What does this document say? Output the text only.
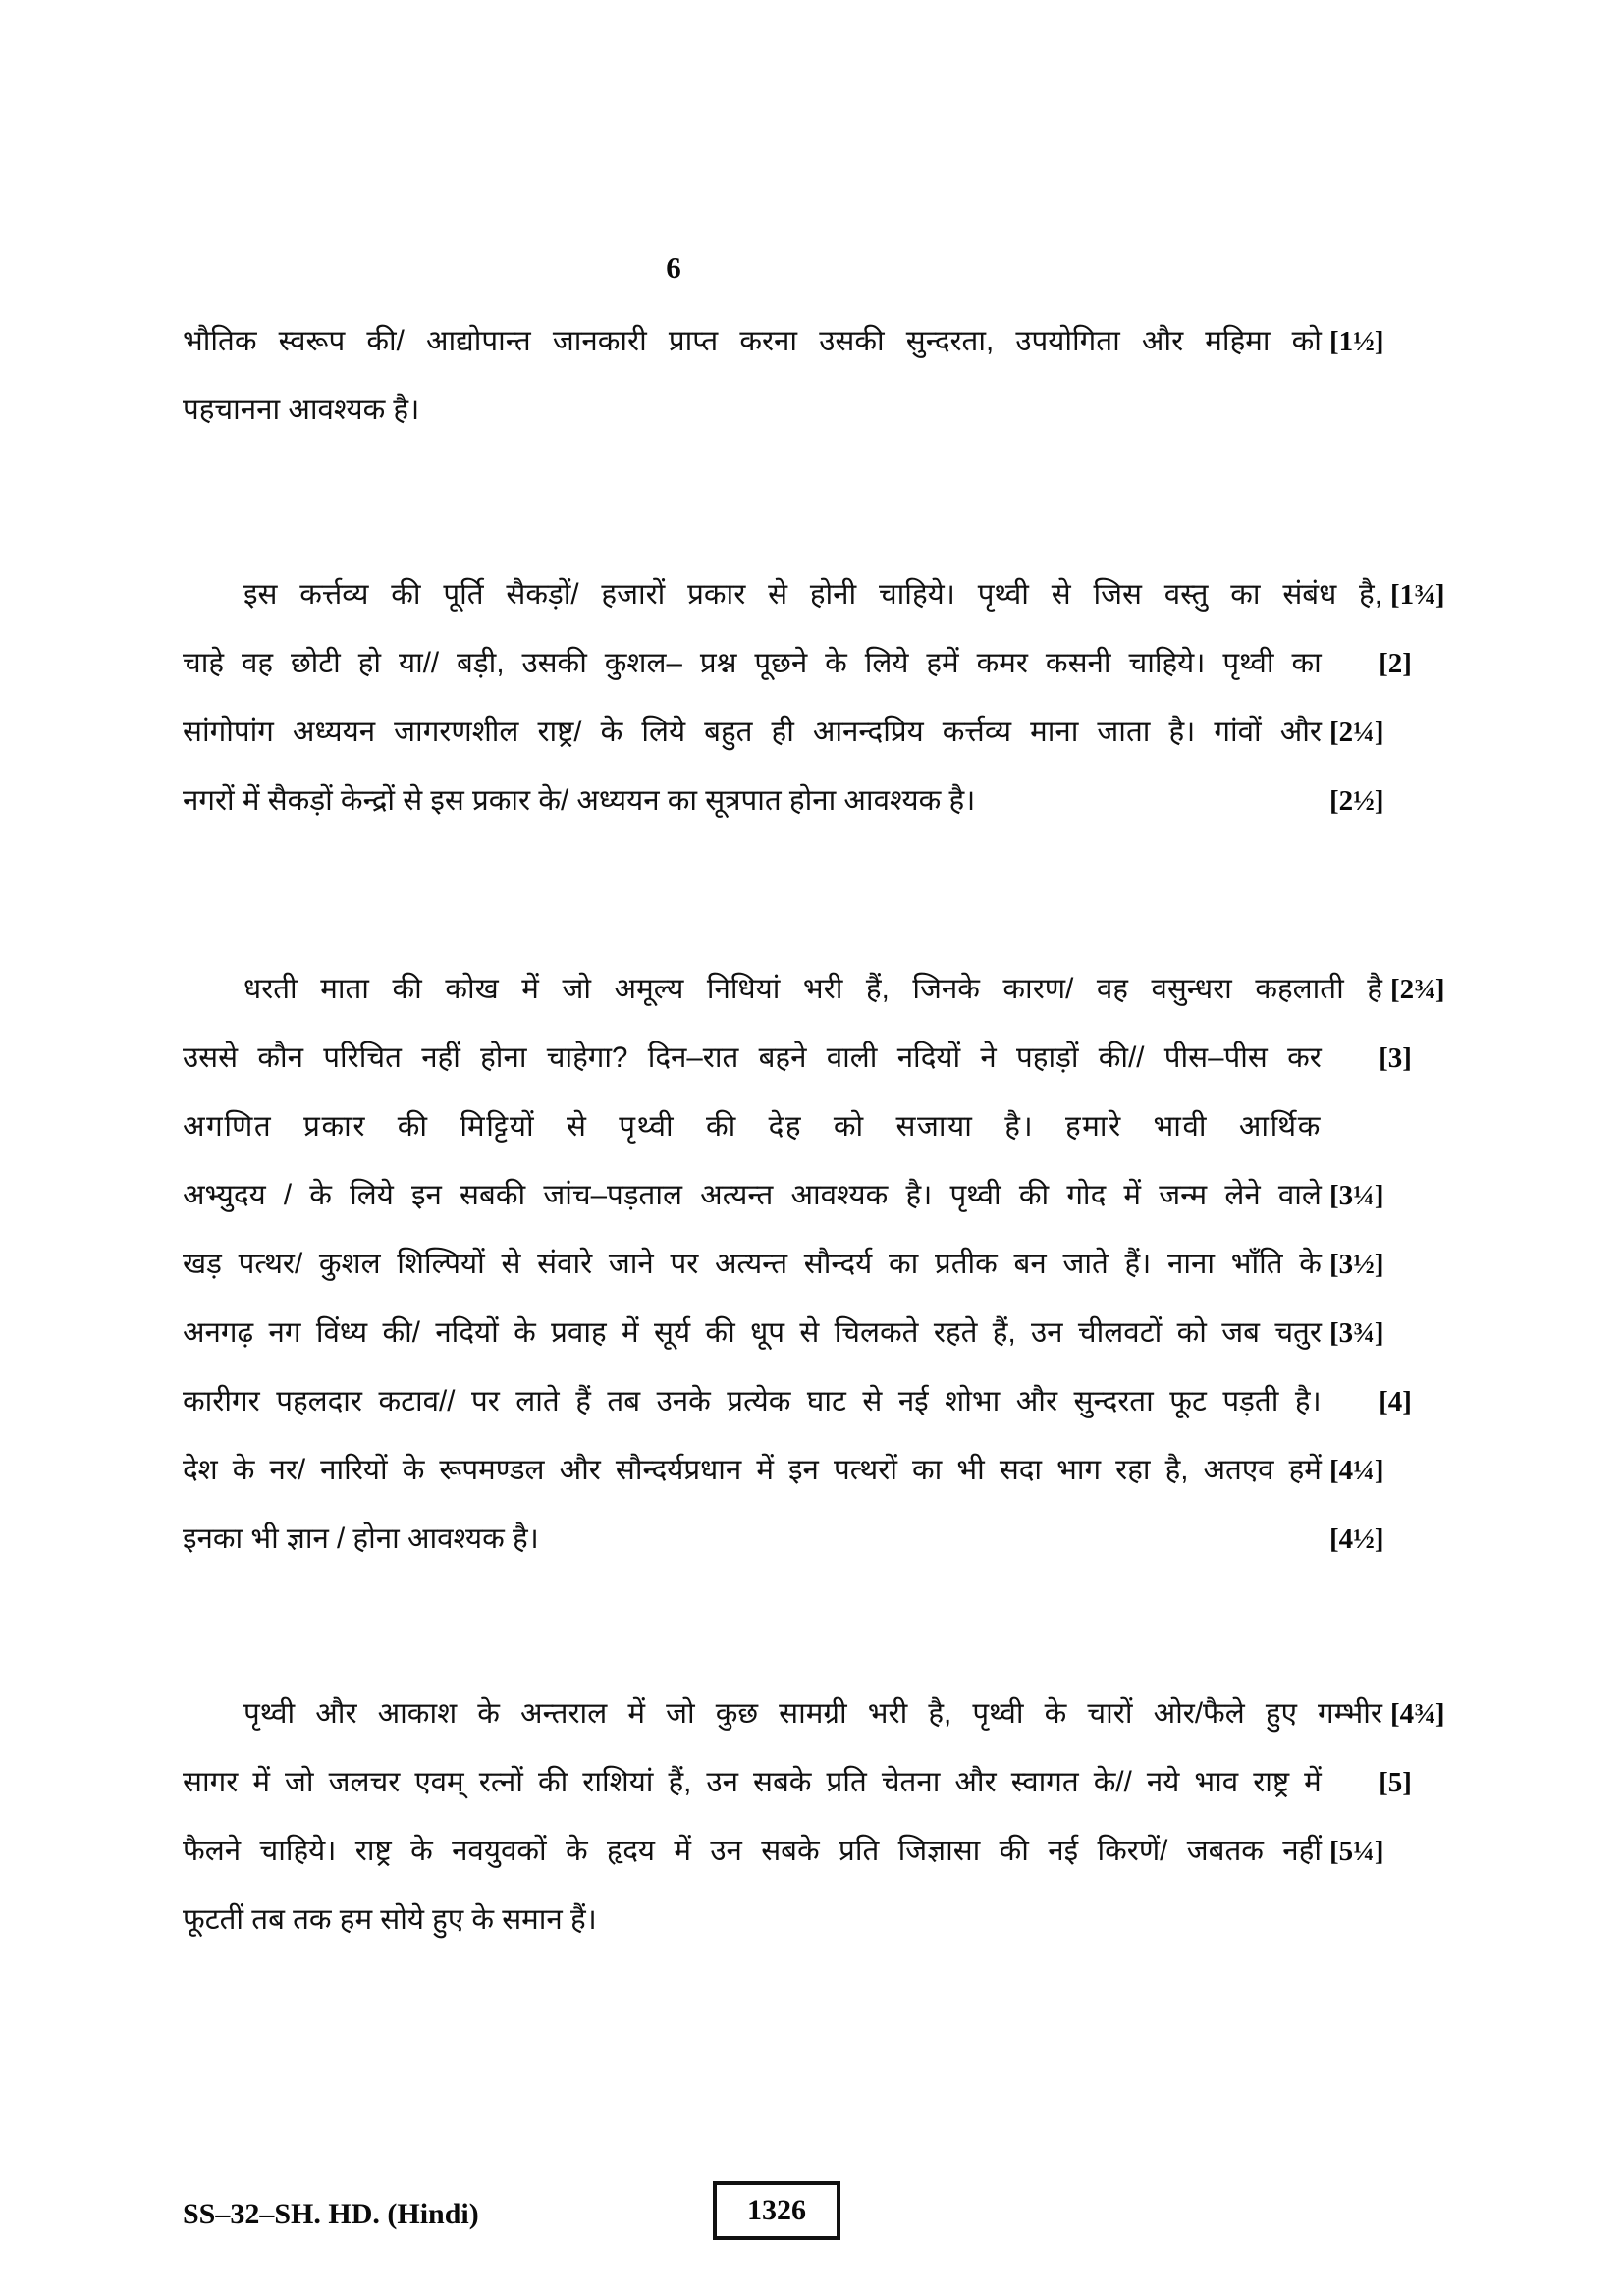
6
भौतिक स्वरूप की/ आद्योपान्त जानकारी प्राप्त करना उसकी सुन्दरता, उपयोगिता और महिमा को [1½]
पहचानना आवश्यक है।
इस कर्त्तव्य की पूर्ति सैकड़ों/ हजारों प्रकार से होनी चाहिये। पृथ्वी से जिस वस्तु का संबंध है, [1¾]
चाहे वह छोटी हो या// बड़ी, उसकी कुशल– प्रश्न पूछने के लिये हमें कमर कसनी चाहिये। पृथ्वी का	[2]
सांगोपांग अध्ययन जागरणशील राष्ट्र/ के लिये बहुत ही आनन्दप्रिय कर्त्तव्य माना जाता है। गांवों और [2¼]
नगरों में सैकड़ों केन्द्रों से इस प्रकार के/ अध्ययन का सूत्रपात होना आवश्यक है।	[2½]
धरती माता की कोख में जो अमूल्य निधियां भरी हैं, जिनके कारण/ वह वसुन्धरा कहलाती है [2¾]
उससे कौन परिचित नहीं होना चाहेगा? दिन–रात बहने वाली नदियों ने पहाड़ों की// पीस–पीस कर	[3]
अगणित प्रकार की मिट्टियों से पृथ्वी की देह को सजाया है। हमारे भावी आर्थिक
अभ्युदय / के लिये इन सबकी जांच–पड़ताल अत्यन्त आवश्यक है। पृथ्वी की गोद में जन्म लेने वाले [3¼]
खड़ पत्थर/ कुशल शिल्पियों से संवारे जाने पर अत्यन्त सौन्दर्य का प्रतीक बन जाते हैं। नाना भाँति के [3½]
अनगढ़ नग विंध्य की/ नदियों के प्रवाह में सूर्य की धूप से चिलकते रहते हैं, उन चीलवटों को जब चतुर [3¾]
कारीगर पहलदार कटाव// पर लाते हैं तब उनके प्रत्येक घाट से नई शोभा और सुन्दरता फूट पड़ती है।	[4]
देश के नर/ नारियों के रूपमण्डल और सौन्दर्यप्रधान में इन पत्थरों का भी सदा भाग रहा है, अतएव हमें [4¼]
इनका भी ज्ञान / होना आवश्यक है।	[4½]
पृथ्वी और आकाश के अन्तराल में जो कुछ सामग्री भरी है, पृथ्वी के चारों ओर/फैले हुए गम्भीर [4¾]
सागर में जो जलचर एवम् रत्नों की राशियां हैं, उन सबके प्रति चेतना और स्वागत के// नये भाव राष्ट्र में	[5]
फैलने चाहिये। राष्ट्र के नवयुवकों के हृदय में उन सबके प्रति जिज्ञासा की नई किरणें/ जबतक नहीं [5¼]
फूटतीं तब तक हम सोये हुए के समान हैं।
SS–32–SH. HD. (Hindi)	1326
